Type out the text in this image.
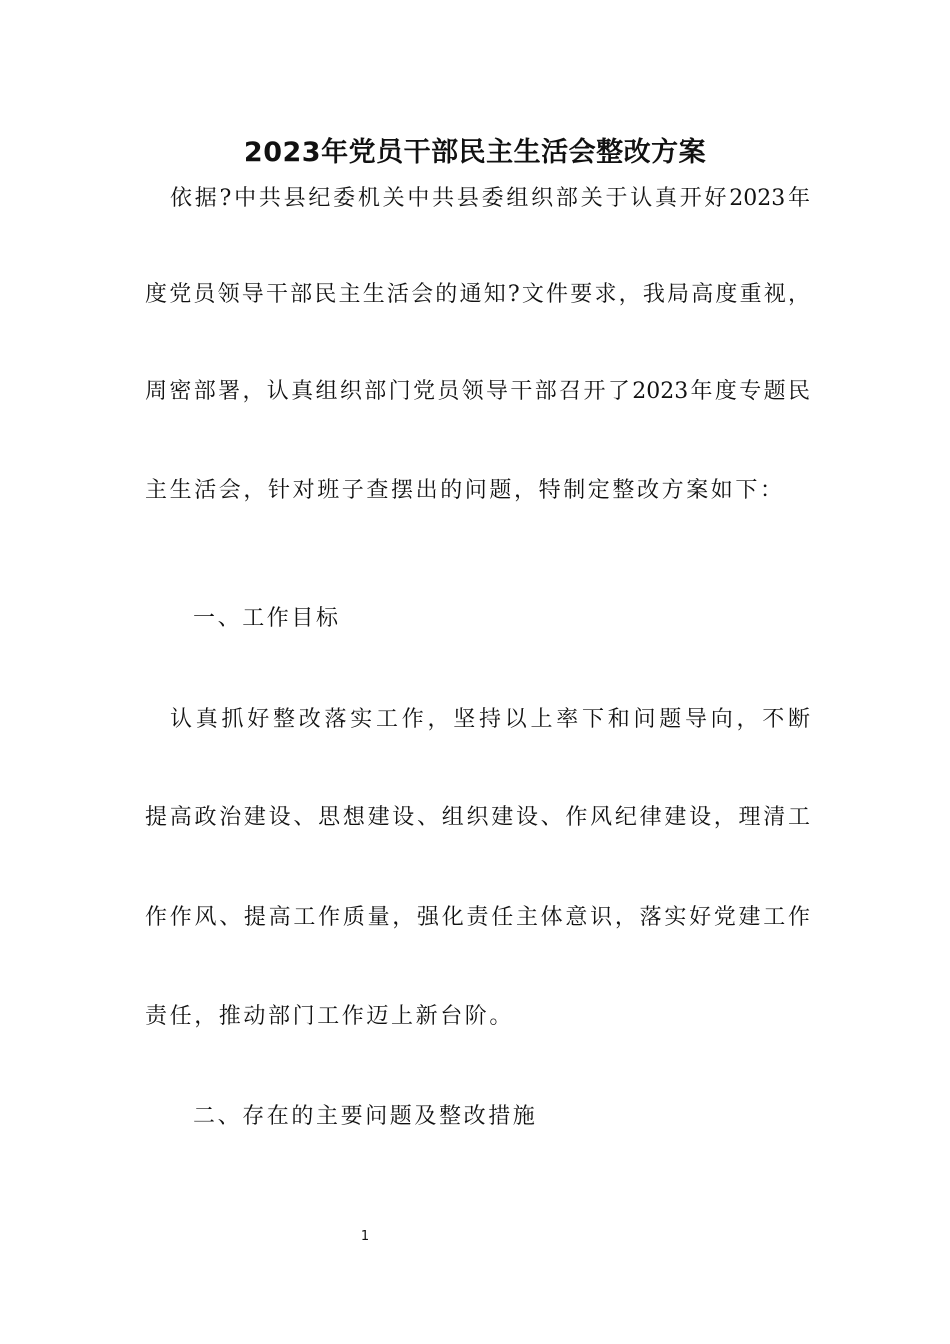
2023年党员干部民主生活会整改方案

依据?中共县纪委机关中共县委组织部关于认真开好2023年

度党员领导干部民主生活会的通知?文件要求，我局高度重视，

周密部署，认真组织部门党员领导干部召开了2023年度专题民

主生活会，针对班子查摆出的问题，特制定整改方案如下：

一、工作目标

认真抓好整改落实工作，坚持以上率下和问题导向，不断

提高政治建设、思想建设、组织建设、作风纪律建设，理清工

作作风、提高工作质量，强化责任主体意识，落实好党建工作

责任，推动部门工作迈上新台阶。

二、存在的主要问题及整改措施

1
